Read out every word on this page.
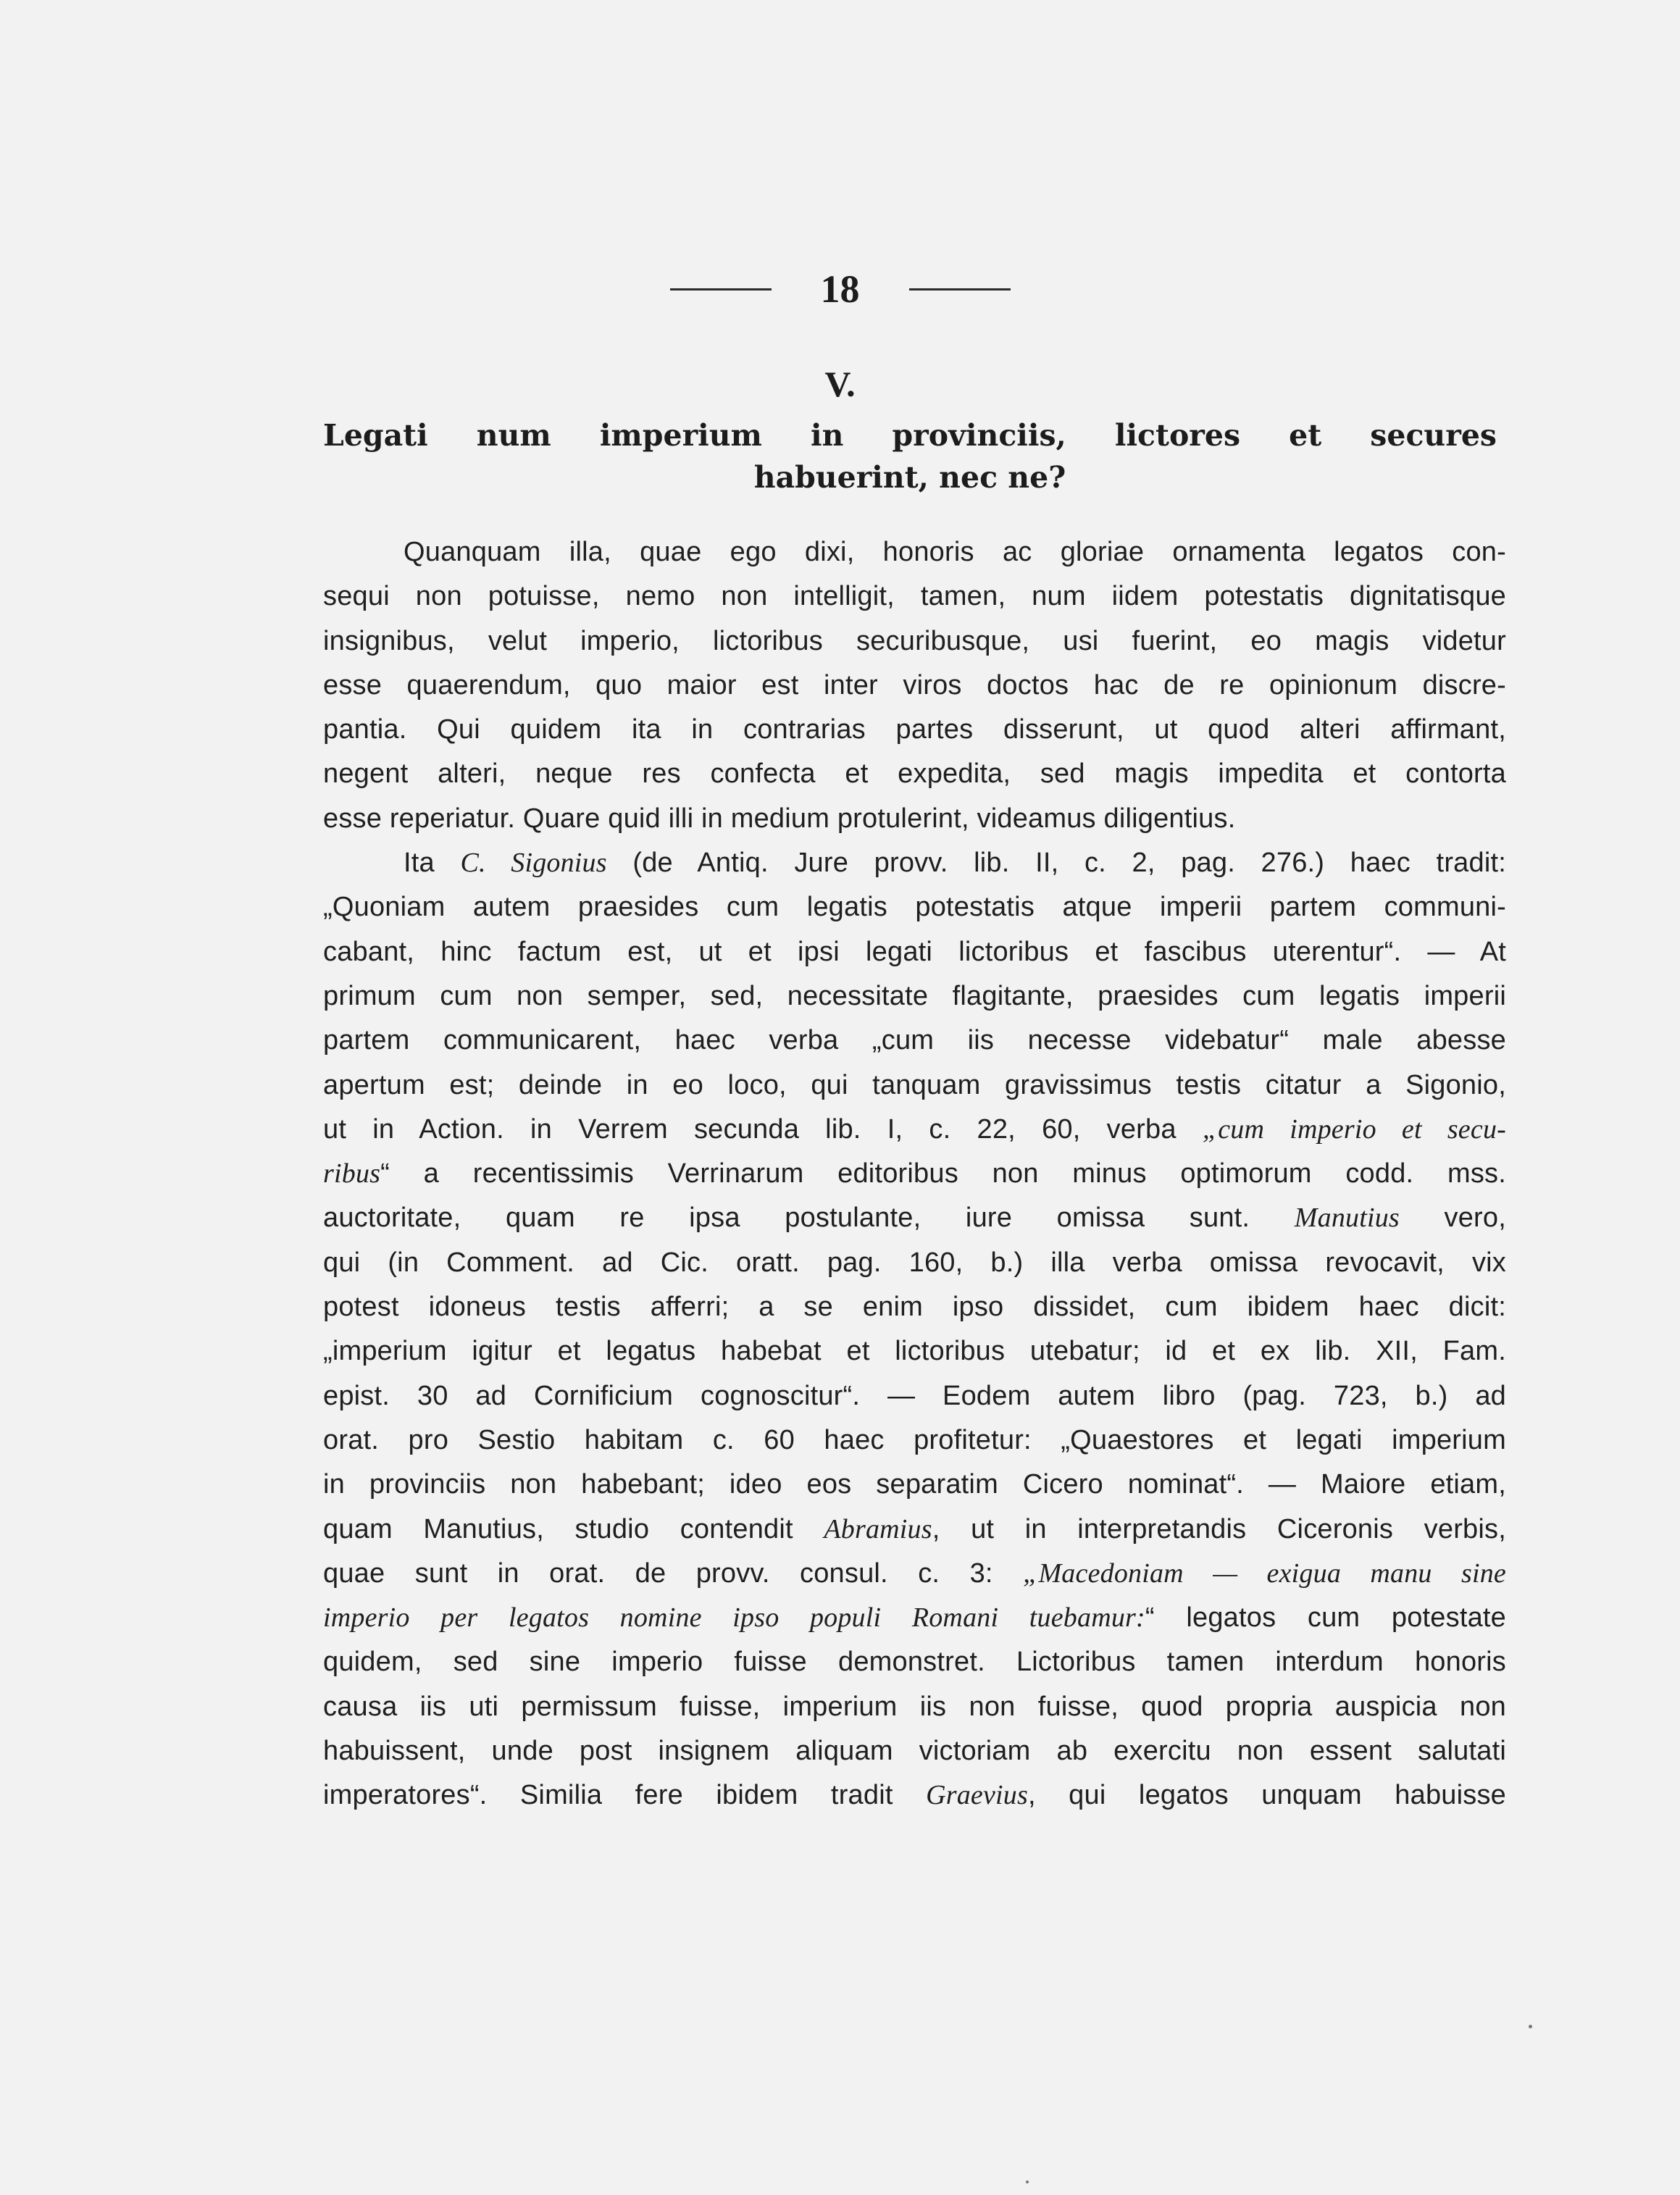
18
V.
Legati num imperium in provinciis, lictores et secures
habuerint, nec ne?
Quanquam illa, quae ego dixi, honoris ac gloriae ornamenta legatos con-
sequi non potuisse, nemo non intelligit, tamen, num iidem potestatis dignitatisque
insignibus, velut imperio, lictoribus securibusque, usi fuerint, eo magis videtur
esse quaerendum, quo maior est inter viros doctos hac de re opinionum discre-
pantia. Qui quidem ita in contrarias partes disserunt, ut quod alteri affirmant,
negent alteri, neque res confecta et expedita, sed magis impedita et contorta
esse reperiatur. Quare quid illi in medium protulerint, videamus diligentius.
Ita C. Sigonius (de Antiq. Jure provv. lib. II, c. 2, pag. 276.) haec tradit:
„Quoniam autem praesides cum legatis potestatis atque imperii partem communi-
cabant, hinc factum est, ut et ipsi legati lictoribus et fascibus uterentur“. — At
primum cum non semper, sed, necessitate flagitante, praesides cum legatis imperii
partem communicarent, haec verba „cum iis necesse videbatur“ male abesse
apertum est; deinde in eo loco, qui tanquam gravissimus testis citatur a Sigonio,
ut in Action. in Verrem secunda lib. I, c. 22, 60, verba „cum imperio et secu-
ribus“ a recentissimis Verrinarum editoribus non minus optimorum codd. mss.
auctoritate, quam re ipsa postulante, iure omissa sunt. Manutius vero,
qui (in Comment. ad Cic. oratt. pag. 160, b.) illa verba omissa revocavit, vix
potest idoneus testis afferri; a se enim ipso dissidet, cum ibidem haec dicit:
„imperium igitur et legatus habebat et lictoribus utebatur; id et ex lib. XII, Fam.
epist. 30 ad Cornificium cognoscitur“. — Eodem autem libro (pag. 723, b.) ad
orat. pro Sestio habitam c. 60 haec profitetur: „Quaestores et legati imperium
in provinciis non habebant; ideo eos separatim Cicero nominat“. — Maiore etiam,
quam Manutius, studio contendit Abramius, ut in interpretandis Ciceronis verbis,
quae sunt in orat. de provv. consul. c. 3: „Macedoniam — exigua manu sine
imperio per legatos nomine ipso populi Romani tuebamur:“ legatos cum potestate
quidem, sed sine imperio fuisse demonstret. Lictoribus tamen interdum honoris
causa iis uti permissum fuisse, imperium iis non fuisse, quod propria auspicia non
habuissent, unde post insignem aliquam victoriam ab exercitu non essent salutati
imperatores“. Similia fere ibidem tradit Graevius, qui legatos unquam habuisse
